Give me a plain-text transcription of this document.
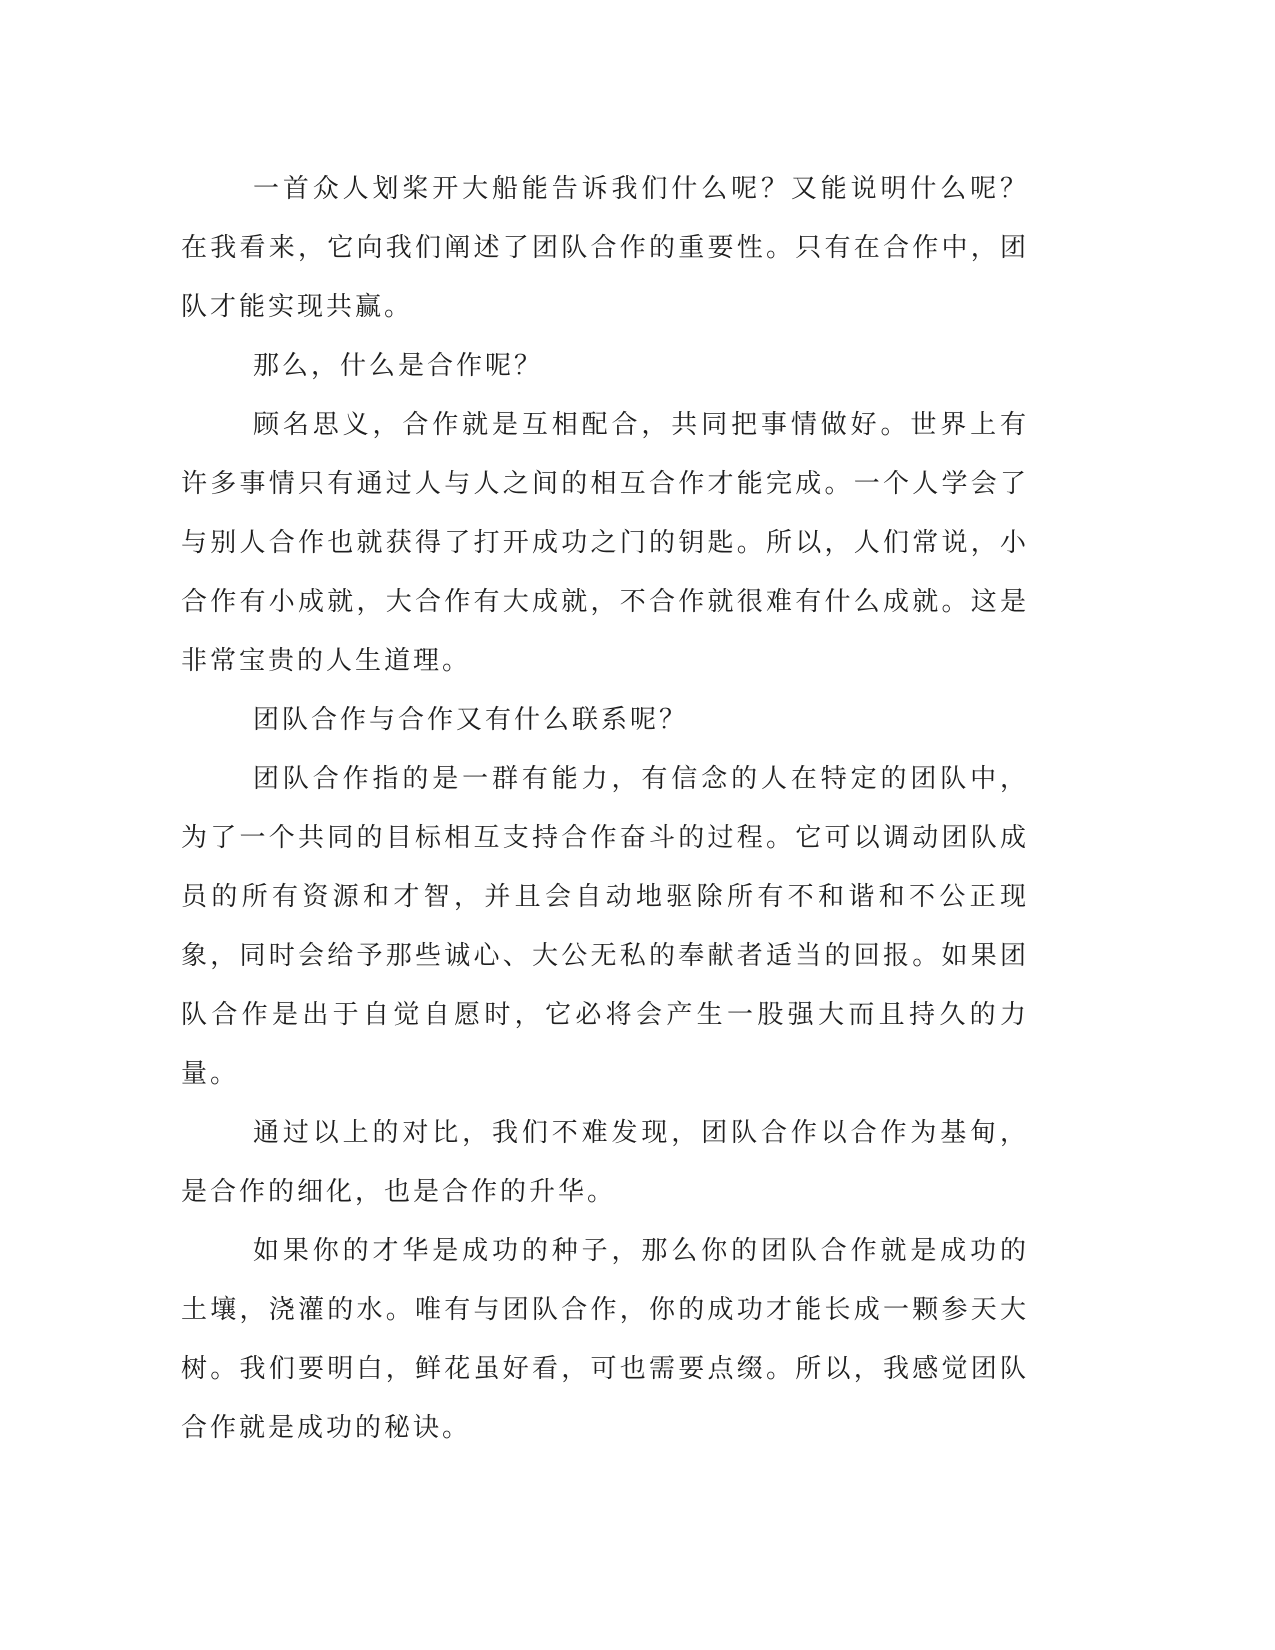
一首众人划桨开大船能告诉我们什么呢？又能说明什么呢？在我看来，它向我们阐述了团队合作的重要性。只有在合作中，团队才能实现共赢。

那么，什么是合作呢？

顾名思义，合作就是互相配合，共同把事情做好。世界上有许多事情只有通过人与人之间的相互合作才能完成。一个人学会了与别人合作也就获得了打开成功之门的钥匙。所以，人们常说，小合作有小成就，大合作有大成就，不合作就很难有什么成就。这是非常宝贵的人生道理。

团队合作与合作又有什么联系呢？

团队合作指的是一群有能力，有信念的人在特定的团队中，为了一个共同的目标相互支持合作奋斗的过程。它可以调动团队成员的所有资源和才智，并且会自动地驱除所有不和谐和不公正现象，同时会给予那些诚心、大公无私的奉献者适当的回报。如果团队合作是出于自觉自愿时，它必将会产生一股强大而且持久的力量。

通过以上的对比，我们不难发现，团队合作以合作为基甸，是合作的细化，也是合作的升华。

如果你的才华是成功的种子，那么你的团队合作就是成功的土壤，浇灌的水。唯有与团队合作，你的成功才能长成一颗参天大树。我们要明白，鲜花虽好看，可也需要点缀。所以，我感觉团队合作就是成功的秘诀。
